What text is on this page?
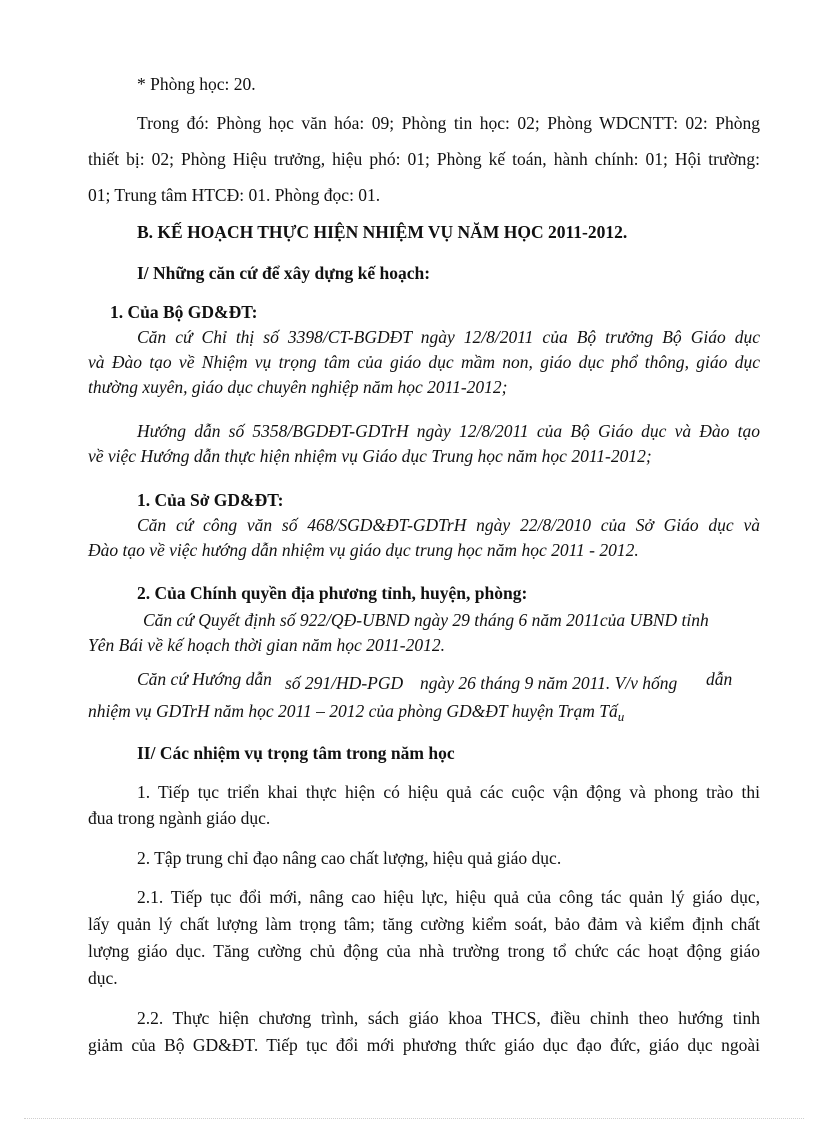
* Phòng học: 20.
Trong đó: Phòng học văn hóa: 09; Phòng tin học: 02; Phòng WDCNTT: 02: Phòng
thiết bị: 02; Phòng Hiệu trưởng, hiệu phó: 01; Phòng kế toán, hành chính: 01; Hội trường:
01; Trung tâm HTCĐ: 01. Phòng đọc: 01.
B. KẾ HOẠCH THỰC HIỆN NHIỆM VỤ NĂM HỌC 2011-2012.
I/ Những căn cứ để xây dựng kế hoạch:
1. Của Bộ GD&ĐT:
Căn cứ Chỉ thị số 3398/CT-BGDĐT ngày 12/8/2011 của Bộ trưởng Bộ Giáo dục
và Đào tạo về Nhiệm vụ trọng tâm của giáo dục mầm non, giáo dục phổ thông, giáo dục
thường xuyên, giáo dục chuyên nghiệp năm học 2011-2012;
Hướng dẫn số 5358/BGDĐT-GDTrH ngày 12/8/2011 của Bộ Giáo dục và Đào tạo
về việc Hướng dẫn thực hiện nhiệm vụ Giáo dục Trung học năm học 2011-2012;
1. Của Sở GD&ĐT:
Căn cứ công văn số 468/SGD&ĐT-GDTrH ngày 22/8/2010 của Sở Giáo dục và
Đào tạo về việc hướng dẫn nhiệm vụ giáo dục trung học năm học 2011 - 2012.
2. Của Chính quyền địa phương tỉnh, huyện, phòng:
Căn cứ Quyết định số 922/QĐ-UBND ngày 29 tháng 6 năm 2011của UBND tỉnh
Yên Bái về kế hoạch thời gian năm học 2011-2012.
Căn cứ Hướng dẫn số 291/HD-PGD ngày 26 tháng 9 năm 2011. V/v hống dẫn
nhiệm vụ GDTrH năm học 2011 – 2012 của phòng GD&ĐT huyện Trạm Tấ$_u$
II/ Các nhiệm vụ trọng tâm trong năm học
1. Tiếp tục triển khai thực hiện có hiệu quả các cuộc vận động và phong trào thi
đua trong ngành giáo dục.
2. Tập trung chỉ đạo nâng cao chất lượng, hiệu quả giáo dục.
2.1. Tiếp tục đổi mới, nâng cao hiệu lực, hiệu quả của công tác quản lý giáo dục,
lấy quản lý chất lượng làm trọng tâm; tăng cường kiểm soát, bảo đảm và kiểm định chất
lượng giáo dục. Tăng cường chủ động của nhà trường trong tổ chức các hoạt động giáo
dục.
2.2. Thực hiện chương trình, sách giáo khoa THCS, điều chỉnh theo hướng tinh
giảm của Bộ GD&ĐT. Tiếp tục đổi mới phương thức giáo dục đạo đức, giáo dục ngoài
